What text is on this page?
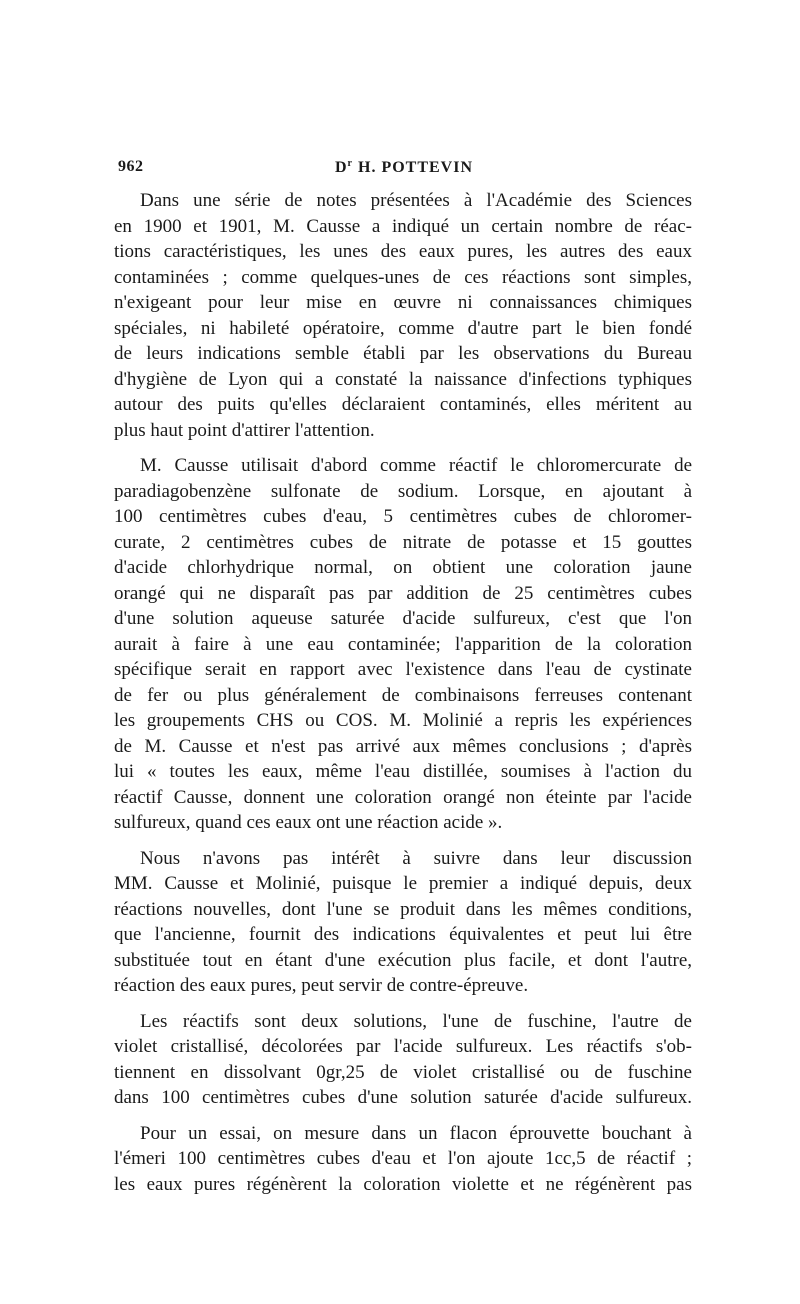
962	$D^r$ H. POTTEVIN

Dans une série de notes présentées à l'Académie des Sciences
en 1900 et 1901, M. Causse a indiqué un certain nombre de réac-
tions caractéristiques, les unes des eaux pures, les autres des eaux
contaminées ; comme quelques-unes de ces réactions sont simples,
n'exigeant pour leur mise en œuvre ni connaissances chimiques
spéciales, ni habileté opératoire, comme d'autre part le bien fondé
de leurs indications semble établi par les observations du Bureau
d'hygiène de Lyon qui a constaté la naissance d'infections typhiques
autour des puits qu'elles déclaraient contaminés, elles méritent au
plus haut point d'attirer l'attention.

M. Causse utilisait d'abord comme réactif le chloromercurate de
paradiagobenzène sulfonate de sodium. Lorsque, en ajoutant à
100 centimètres cubes d'eau, 5 centimètres cubes de chloromer-
curate, 2 centimètres cubes de nitrate de potasse et 15 gouttes
d'acide chlorhydrique normal, on obtient une coloration jaune
orangé qui ne disparaît pas par addition de 25 centimètres cubes
d'une solution aqueuse saturée d'acide sulfureux, c'est que l'on
aurait à faire à une eau contaminée; l'apparition de la coloration
spécifique serait en rapport avec l'existence dans l'eau de cystinate
de fer ou plus généralement de combinaisons ferreuses contenant
les groupements CHS ou COS. M. Molinié a repris les expériences
de M. Causse et n'est pas arrivé aux mêmes conclusions ; d'après
lui « toutes les eaux, même l'eau distillée, soumises à l'action du
réactif Causse, donnent une coloration orangé non éteinte par l'acide
sulfureux, quand ces eaux ont une réaction acide ».

Nous n'avons pas intérêt à suivre dans leur discussion
MM. Causse et Molinié, puisque le premier a indiqué depuis, deux
réactions nouvelles, dont l'une se produit dans les mêmes conditions,
que l'ancienne, fournit des indications équivalentes et peut lui être
substituée tout en étant d'une exécution plus facile, et dont l'autre,
réaction des eaux pures, peut servir de contre-épreuve.

Les réactifs sont deux solutions, l'une de fuschine, l'autre de
violet cristallisé, décolorées par l'acide sulfureux. Les réactifs s'ob-
tiennent en dissolvant 0gr,25 de violet cristallisé ou de fuschine
dans 100 centimètres cubes d'une solution saturée d'acide sulfureux.

Pour un essai, on mesure dans un flacon éprouvette bouchant à
l'émeri 100 centimètres cubes d'eau et l'on ajoute 1cc,5 de réactif ;
les eaux pures régénèrent la coloration violette et ne régénèrent pas
